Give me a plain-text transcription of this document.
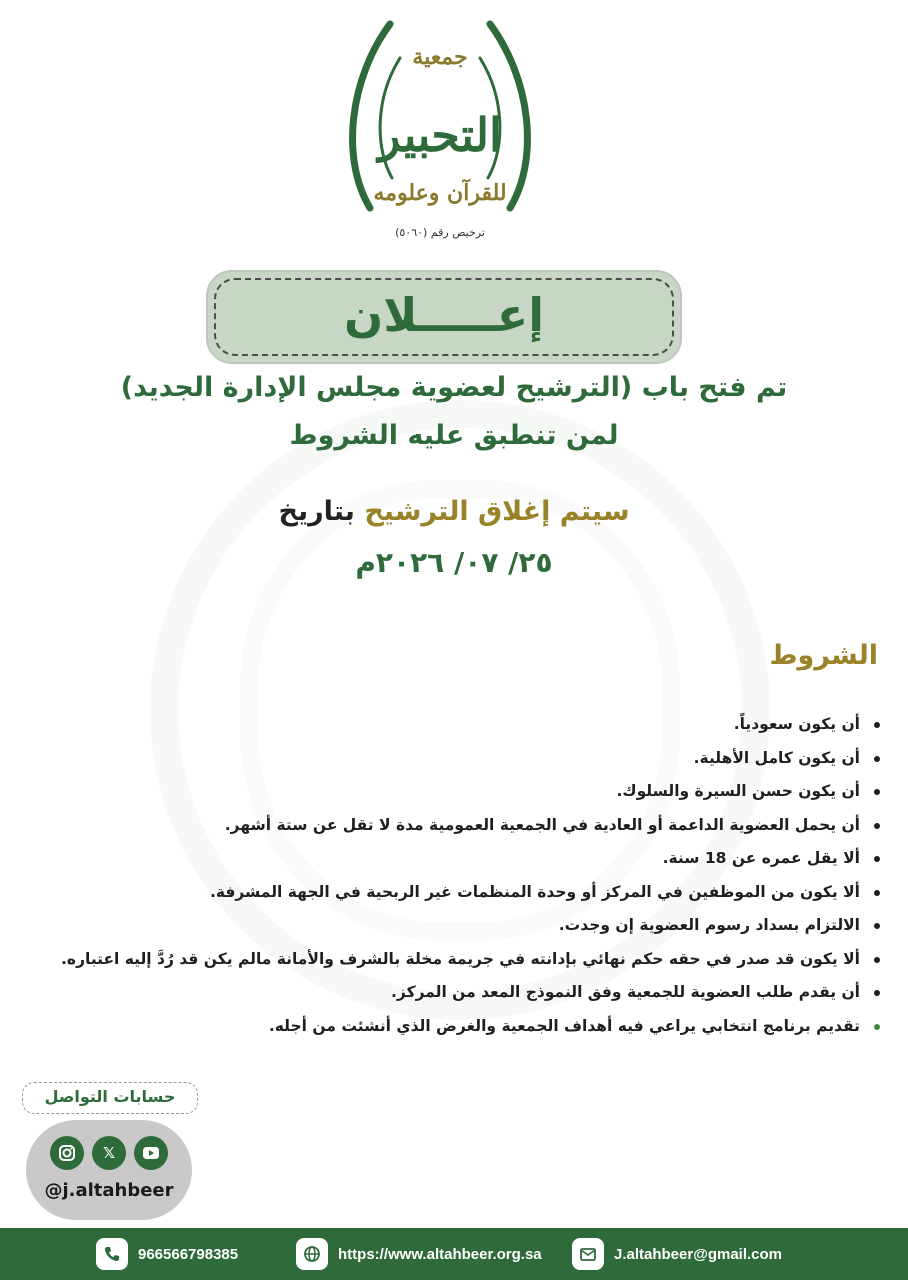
جمعية
التحبير
للقرآن وعلومه
ترخيص رقم (٥٠٦٠)
إعـــــلان
تم فتح باب (الترشيح لعضوية مجلس الإدارة الجديد)
لمن تنطبق عليه الشروط
سيتم إغلاق الترشيح بتاريخ
٢٥/ ٠٧/ ٢٠٢٦م
الشروط
أن يكون سعودياً.
أن يكون كامل الأهلية.
أن يكون حسن السيرة والسلوك.
أن يحمل العضوية الداعمة أو العادية في الجمعية العمومية مدة لا تقل عن ستة أشهر.
ألا يقل عمره عن 18 سنة.
ألا يكون من الموظفين في المركز أو وحدة المنظمات غير الربحية في الجهة المشرفة.
الالتزام بسداد رسوم العضوية إن وجدت.
ألا يكون قد صدر في حقه حكم نهائي بإدانته في جريمة مخلة بالشرف والأمانة مالم يكن قد رُدَّ إليه اعتباره.
أن يقدم طلب العضوية للجمعية وفق النموذج المعد من المركز.
تقديم برنامج انتخابي يراعي فيه أهداف الجمعية والغرض الذي أنشئت من أجله.
حسابات التواصل
𝕏
@j.altahbeer
966566798385	https://www.altahbeer.org.sa	J.altahbeer@gmail.com
